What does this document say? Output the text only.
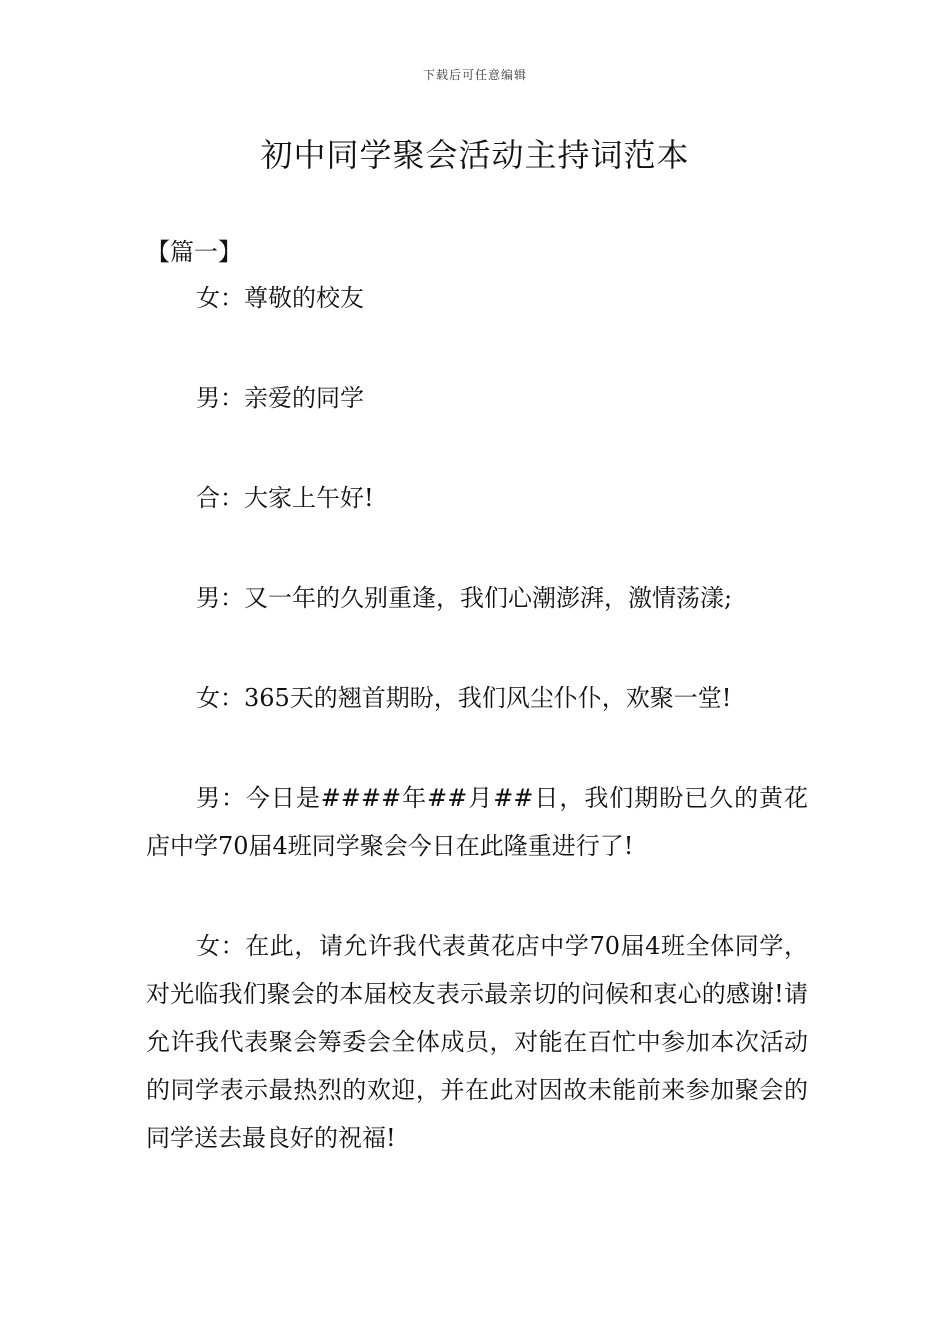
下载后可任意编辑
初中同学聚会活动主持词范本
【篇一】

女：尊敬的校友

男：亲爱的同学

合：大家上午好!

男：又一年的久别重逢，我们心潮澎湃，激情荡漾;

女：365天的翘首期盼，我们风尘仆仆，欢聚一堂!

男：今日是####年##月##日，我们期盼已久的黄花店中学70届4班同学聚会今日在此隆重进行了!

女：在此，请允许我代表黄花店中学70届4班全体同学，对光临我们聚会的本届校友表示最亲切的问候和衷心的感谢!请允许我代表聚会筹委会全体成员，对能在百忙中参加本次活动的同学表示最热烈的欢迎，并在此对因故未能前来参加聚会的同学送去最良好的祝福!
